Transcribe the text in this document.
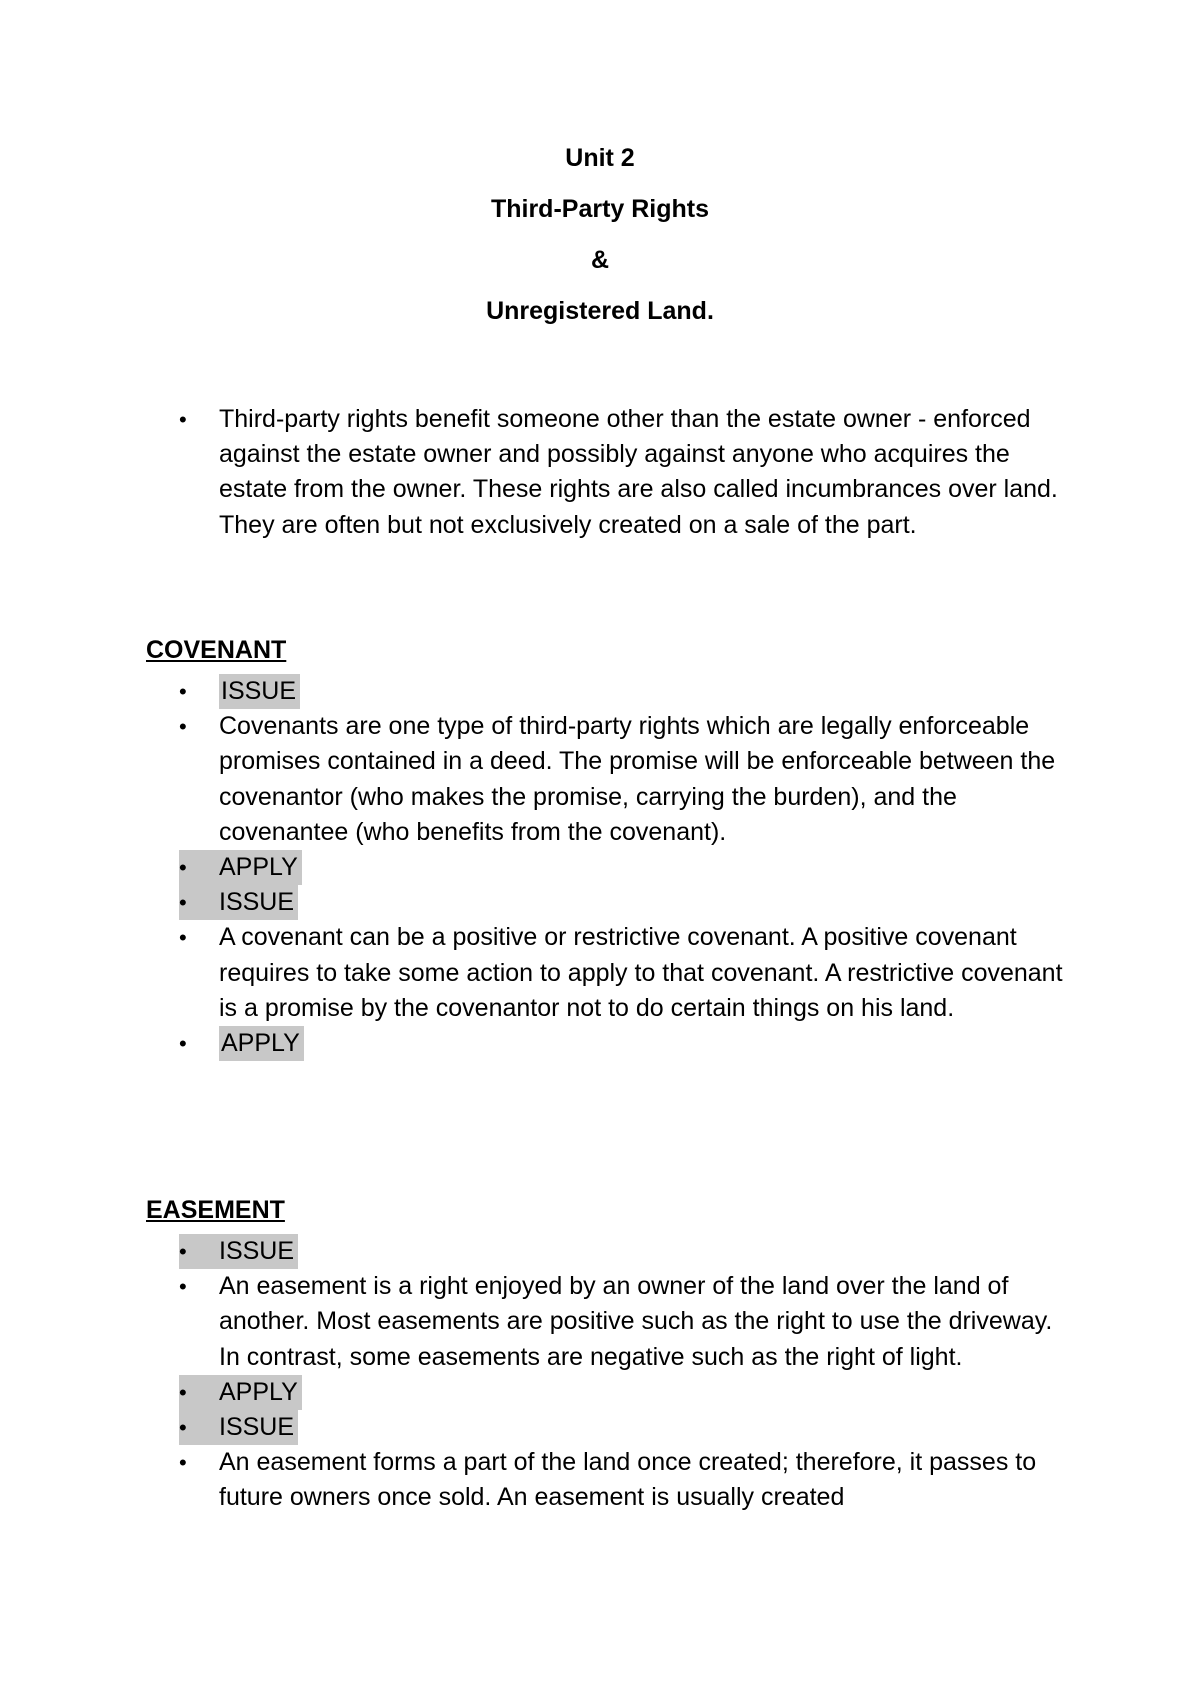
Unit 2
Third-Party Rights
&
Unregistered Land.
• Third-party rights benefit someone other than the estate owner - enforced against the estate owner and possibly against anyone who acquires the estate from the owner. These rights are also called incumbrances over land. They are often but not exclusively created on a sale of the part.
COVENANT
• ISSUE
• Covenants are one type of third-party rights which are legally enforceable promises contained in a deed. The promise will be enforceable between the covenantor (who makes the promise, carrying the burden), and the covenantee (who benefits from the covenant).
• APPLY
• ISSUE
• A covenant can be a positive or restrictive covenant. A positive covenant requires to take some action to apply to that covenant. A restrictive covenant is a promise by the covenantor not to do certain things on his land.
• APPLY
EASEMENT
• ISSUE
• An easement is a right enjoyed by an owner of the land over the land of another. Most easements are positive such as the right to use the driveway. In contrast, some easements are negative such as the right of light.
• APPLY
• ISSUE
• An easement forms a part of the land once created; therefore, it passes to future owners once sold. An easement is usually created
